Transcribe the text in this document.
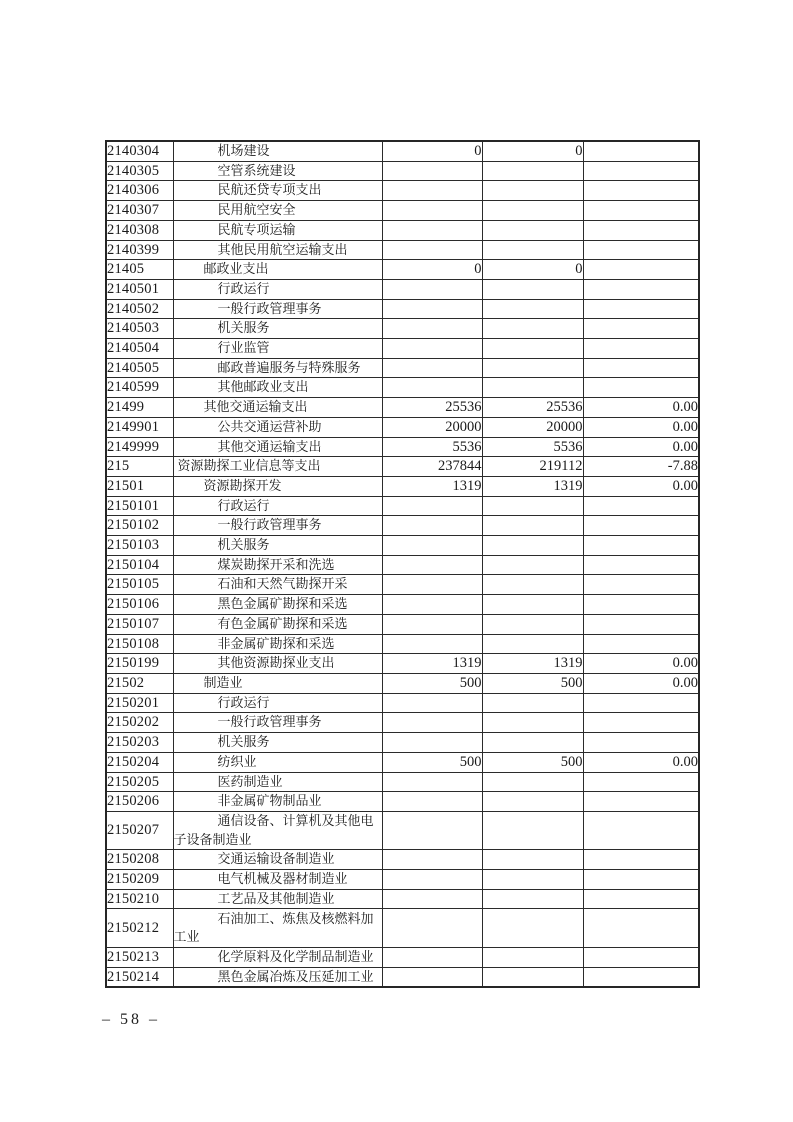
2140304	机场建设	0	0	
2140305	空管系统建设			
2140306	民航还贷专项支出			
2140307	民用航空安全			
2140308	民航专项运输			
2140399	其他民用航空运输支出			
21405	邮政业支出	0	0	
2140501	行政运行			
2140502	一般行政管理事务			
2140503	机关服务			
2140504	行业监管			
2140505	邮政普遍服务与特殊服务			
2140599	其他邮政业支出			
21499	其他交通运输支出	25536	25536	0.00
2149901	公共交通运营补助	20000	20000	0.00
2149999	其他交通运输支出	5536	5536	0.00
215	资源勘探工业信息等支出	237844	219112	-7.88
21501	资源勘探开发	1319	1319	0.00
2150101	行政运行			
2150102	一般行政管理事务			
2150103	机关服务			
2150104	煤炭勘探开采和洗选			
2150105	石油和天然气勘探开采			
2150106	黑色金属矿勘探和采选			
2150107	有色金属矿勘探和采选			
2150108	非金属矿勘探和采选			
2150199	其他资源勘探业支出	1319	1319	0.00
21502	制造业	500	500	0.00
2150201	行政运行			
2150202	一般行政管理事务			
2150203	机关服务			
2150204	纺织业	500	500	0.00
2150205	医药制造业			
2150206	非金属矿物制品业			
2150207	通信设备、计算机及其他电子设备制造业			
2150208	交通运输设备制造业			
2150209	电气机械及器材制造业			
2150210	工艺品及其他制造业			
2150212	石油加工、炼焦及核燃料加工业			
2150213	化学原料及化学制品制造业			
2150214	黑色金属冶炼及压延加工业			
– 58 –
